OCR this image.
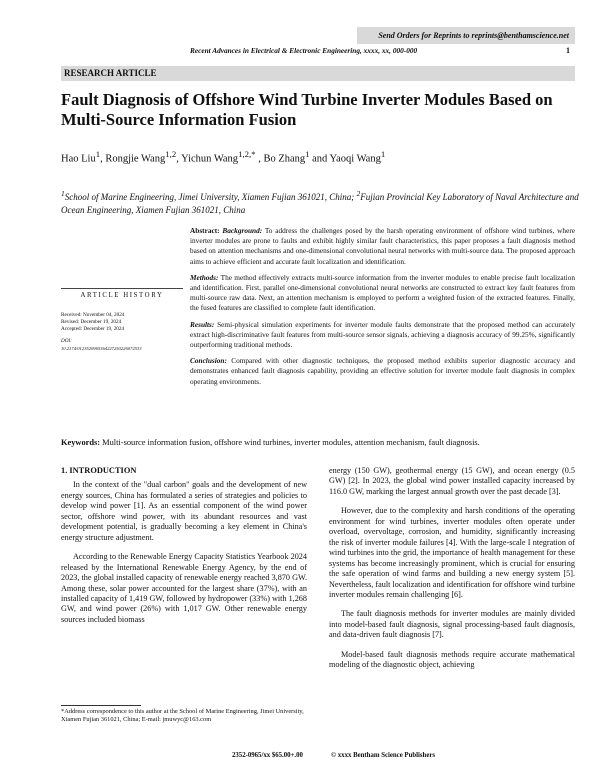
Send Orders for Reprints to reprints@benthamscience.net
Recent Advances in Electrical & Electronic Engineering, xxxx, xx, 000-000	1
RESEARCH ARTICLE
Fault Diagnosis of Offshore Wind Turbine Inverter Modules Based on Multi-Source Information Fusion
Hao Liu$^1$, Rongjie Wang$^{1,2}$, Yichun Wang$^{1,2,*}$ , Bo Zhang$^1$ and Yaoqi Wang$^1$
$^1$School of Marine Engineering, Jimei University, Xiamen Fujian 361021, China; $^2$Fujian Provincial Key Laboratory of Naval Architecture and Ocean Engineering, Xiamen Fujian 361021, China

Abstract: Background: To address the challenges posed by the harsh operating environment of offshore wind turbines, where inverter modules are prone to faults and exhibit highly similar fault characteristics, this paper proposes a fault diagnosis method based on attention mechanisms and one-dimensional convolutional neural networks with multi-source data. The proposed approach aims to achieve efficient and accurate fault localization and identification.

Methods: The method effectively extracts multi-source information from the inverter modules to enable precise fault localization and identification. First, parallel one-dimensional convolutional neural networks are constructed to extract key fault features from multi-source raw data. Next, an attention mechanism is employed to perform a weighted fusion of the extracted features. Finally, the fused features are classified to complete fault identification.

Results: Semi-physical simulation experiments for inverter module faults demonstrate that the proposed method can accurately extract high-discriminative fault features from multi-source sensor signals, achieving a diagnosis accuracy of 99.25%, significantly outperforming traditional methods.

Conclusion: Compared with other diagnostic techniques, the proposed method exhibits superior diagnostic accuracy and demonstrates enhanced fault diagnosis capability, providing an effective solution for inverter module fault diagnosis in complex operating environments.

ARTICLE HISTORY
Received: November 04, 2024
Revised: December 19, 2024
Accepted: December 19, 2024
DOI:
10.2174/0123520965364227250226072533
Keywords: Multi-source information fusion, offshore wind turbines, inverter modules, attention mechanism, fault diagnosis.
1. INTRODUCTION

In the context of the "dual carbon" goals and the development of new energy sources, China has formulated a series of strategies and policies to develop wind power [1]. As an essential component of the wind power sector, offshore wind power, with its abundant resources and vast development potential, is gradually becoming a key element in China's energy structure adjustment.

According to the Renewable Energy Capacity Statistics Yearbook 2024 released by the International Renewable Energy Agency, by the end of 2023, the global installed capacity of renewable energy reached 3,870 GW. Among these, solar power accounted for the largest share (37%), with an installed capacity of 1,419 GW, followed by hydropower (33%) with 1,268 GW, and wind power (26%) with 1,017 GW. Other renewable energy sources included biomass

energy (150 GW), geothermal energy (15 GW), and ocean energy (0.5 GW) [2]. In 2023, the global wind power installed capacity increased by 116.0 GW, marking the largest annual growth over the past decade [3].

However, due to the complexity and harsh conditions of the operating environment for wind turbines, inverter modules often operate under overload, overvoltage, corrosion, and humidity, significantly increasing the risk of inverter module failures [4]. With the large-scale I ntegration of wind turbines into the grid, the importance of health management for these systems has become increasingly prominent, which is crucial for ensuring the safe operation of wind farms and building a new energy system [5]. Nevertheless, fault localization and identification for offshore wind turbine inverter modules remain challenging [6].

The fault diagnosis methods for inverter modules are mainly divided into model-based fault diagnosis, signal processing-based fault diagnosis, and data-driven fault diagnosis [7].

Model-based fault diagnosis methods require accurate mathematical modeling of the diagnostic object, achieving

*Address correspondence to this author at the School of Marine Engineering, Jimei University, Xiamen Fujian 361021, China; E-mail: jmuwyc@163.com
2352-0965/xx $65.00+.00	© xxxx Bentham Science Publishers
